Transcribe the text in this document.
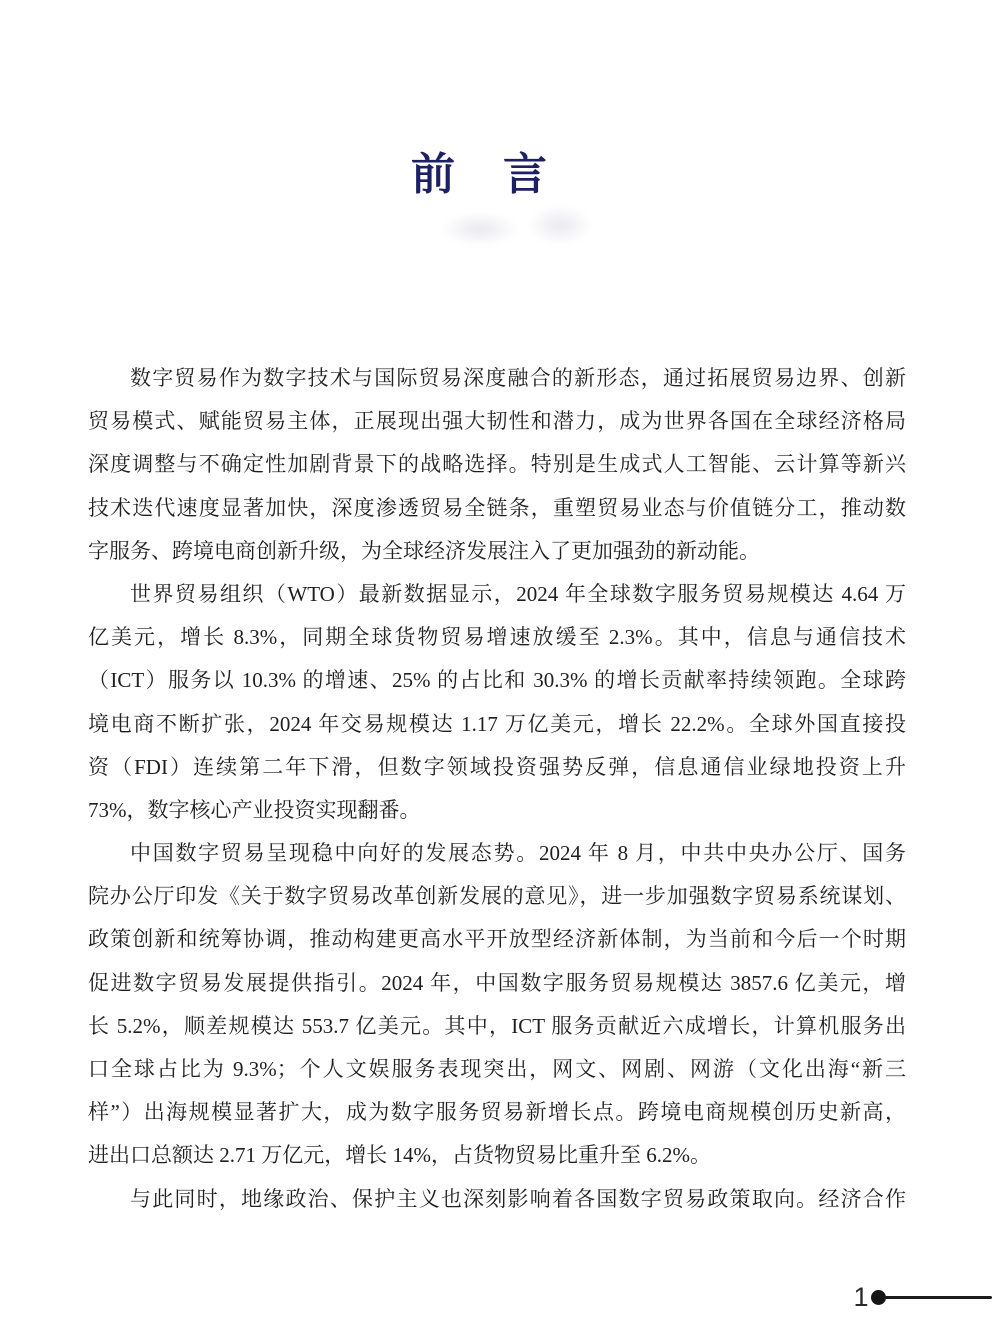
前　言
数字贸易作为数字技术与国际贸易深度融合的新形态，通过拓展贸易边界、创新
贸易模式、赋能贸易主体，正展现出强大韧性和潜力，成为世界各国在全球经济格局
深度调整与不确定性加剧背景下的战略选择。特别是生成式人工智能、云计算等新兴
技术迭代速度显著加快，深度渗透贸易全链条，重塑贸易业态与价值链分工，推动数
字服务、跨境电商创新升级，为全球经济发展注入了更加强劲的新动能。
世界贸易组织（WTO）最新数据显示，2024 年全球数字服务贸易规模达 4.64 万
亿美元，增长 8.3%，同期全球货物贸易增速放缓至 2.3%。其中，信息与通信技术
（ICT）服务以 10.3% 的增速、25% 的占比和 30.3% 的增长贡献率持续领跑。全球跨
境电商不断扩张，2024 年交易规模达 1.17 万亿美元，增长 22.2%。全球外国直接投
资（FDI）连续第二年下滑，但数字领域投资强势反弹，信息通信业绿地投资上升
73%，数字核心产业投资实现翻番。
中国数字贸易呈现稳中向好的发展态势。2024 年 8 月，中共中央办公厅、国务
院办公厅印发《关于数字贸易改革创新发展的意见》，进一步加强数字贸易系统谋划、
政策创新和统筹协调，推动构建更高水平开放型经济新体制，为当前和今后一个时期
促进数字贸易发展提供指引。2024 年，中国数字服务贸易规模达 3857.6 亿美元，增
长 5.2%，顺差规模达 553.7 亿美元。其中，ICT 服务贡献近六成增长，计算机服务出
口全球占比为 9.3%；个人文娱服务表现突出，网文、网剧、网游（文化出海“新三
样”）出海规模显著扩大，成为数字服务贸易新增长点。跨境电商规模创历史新高，
进出口总额达 2.71 万亿元，增长 14%，占货物贸易比重升至 6.2%。
与此同时，地缘政治、保护主义也深刻影响着各国数字贸易政策取向。经济合作
1
